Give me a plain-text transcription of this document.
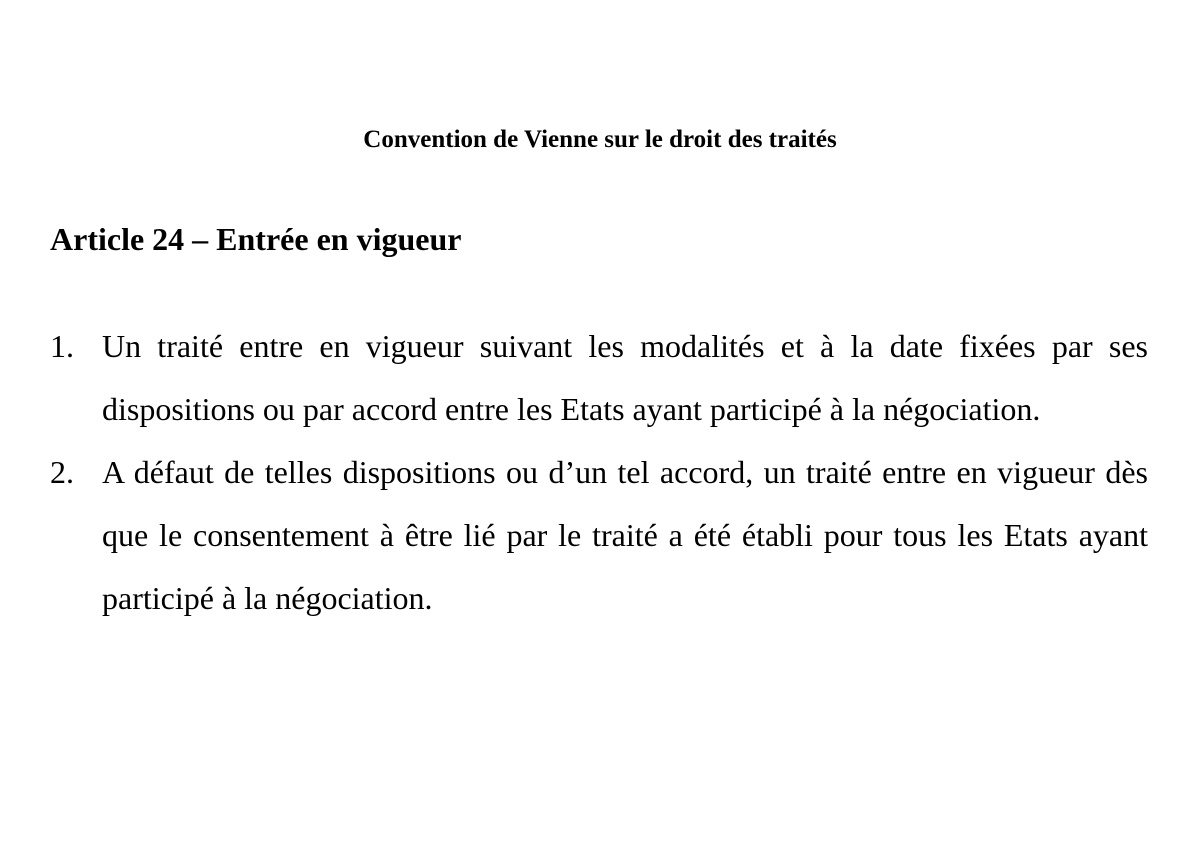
Convention de Vienne sur le droit des traités
Article 24 – Entrée en vigueur
1. Un traité entre en vigueur suivant les modalités et à la date fixées par ses dispositions ou par accord entre les Etats ayant participé à la négociation.
2. A défaut de telles dispositions ou d’un tel accord, un traité entre en vigueur dès que le consentement à être lié par le traité a été établi pour tous les Etats ayant participé à la négociation.
